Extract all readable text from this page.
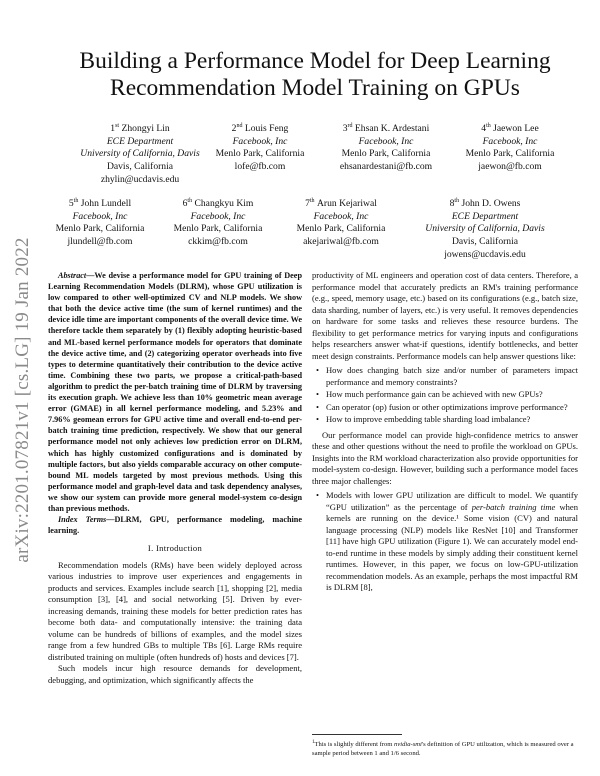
arXiv:2201.07821v1 [cs.LG] 19 Jan 2022
Building a Performance Model for Deep Learning Recommendation Model Training on GPUs
1st Zhongyi Lin
ECE Department
University of California, Davis
Davis, California
zhylin@ucdavis.edu
2nd Louis Feng
Facebook, Inc
Menlo Park, California
lofe@fb.com
3rd Ehsan K. Ardestani
Facebook, Inc
Menlo Park, California
ehsanardestani@fb.com
4th Jaewon Lee
Facebook, Inc
Menlo Park, California
jaewon@fb.com
5th John Lundell
Facebook, Inc
Menlo Park, California
jlundell@fb.com
6th Changkyu Kim
Facebook, Inc
Menlo Park, California
ckkim@fb.com
7th Arun Kejariwal
Facebook, Inc
Menlo Park, California
akejariwal@fb.com
8th John D. Owens
ECE Department
University of California, Davis
Davis, California
jowens@ucdavis.edu

Abstract—We devise a performance model for GPU training of Deep Learning Recommendation Models (DLRM), whose GPU utilization is low compared to other well-optimized CV and NLP models. We show that both the device active time (the sum of kernel runtimes) and the device idle time are important components of the overall device time. We therefore tackle them separately by (1) flexibly adopting heuristic-based and ML-based kernel performance models for operators that dominate the device active time, and (2) categorizing operator overheads into five types to determine quantitatively their contribution to the device active time. Combining these two parts, we propose a critical-path-based algorithm to predict the per-batch training time of DLRM by traversing its execution graph. We achieve less than 10% geometric mean average error (GMAE) in all kernel performance modeling, and 5.23% and 7.96% geomean errors for GPU active time and overall end-to-end per-batch training time prediction, respectively. We show that our general performance model not only achieves low prediction error on DLRM, which has highly customized configurations and is dominated by multiple factors, but also yields comparable accuracy on other compute-bound ML models targeted by most previous methods. Using this performance model and graph-level data and task dependency analyses, we show our system can provide more general model-system co-design than previous methods.

Index Terms—DLRM, GPU, performance modeling, machine learning.

I. Introduction

Recommendation models (RMs) have been widely deployed across various industries to improve user experiences and engagements in products and services. Examples include search [1], shopping [2], media consumption [3], [4], and social networking [5]. Driven by ever-increasing demands, training these models for better prediction rates has become both data- and computationally intensive: the training data volume can be hundreds of billions of examples, and the model sizes range from a few hundred GBs to multiple TBs [6]. Large RMs require distributed training on multiple (often hundreds of) hosts and devices [7].

Such models incur high resource demands for development, debugging, and optimization, which significantly affects the

productivity of ML engineers and operation cost of data centers. Therefore, a performance model that accurately predicts an RM's training performance (e.g., speed, memory usage, etc.) based on its configurations (e.g., batch size, data sharding, number of layers, etc.) is very useful. It removes dependencies on hardware for some tasks and relieves these resource burdens. The flexibility to get performance metrics for varying inputs and configurations helps researchers answer what-if questions, identify bottlenecks, and better meet design constraints. Performance models can help answer questions like:

• How does changing batch size and/or number of parameters impact performance and memory constraints?
• How much performance gain can be achieved with new GPUs?
• Can operator (op) fusion or other optimizations improve performance?
• How to improve embedding table sharding load imbalance?

Our performance model can provide high-confidence metrics to answer these and other questions without the need to profile the workload on GPUs. Insights into the RM workload characterization also provide opportunities for model-system co-design. However, building such a performance model faces three major challenges:

• Models with lower GPU utilization are difficult to model. We quantify “GPU utilization” as the percentage of per-batch training time when kernels are running on the device.¹ Some vision (CV) and natural language processing (NLP) models like ResNet [10] and Transformer [11] have high GPU utilization (Figure 1). We can accurately model end-to-end runtime in these models by simply adding their constituent kernel runtimes. However, in this paper, we focus on low-GPU-utilization recommendation models. As an example, perhaps the most impactful RM is DLRM [8],
$^1$This is slightly different from nvidia-smi's definition of GPU utilization, which is measured over a sample period between 1 and 1/6 second.
